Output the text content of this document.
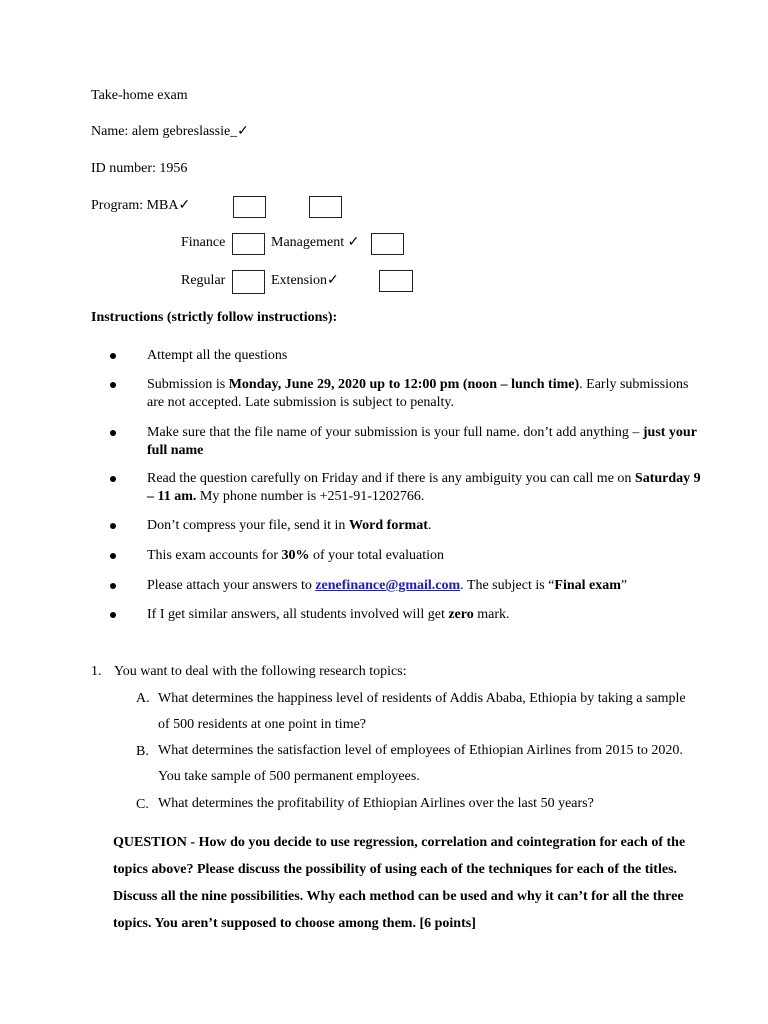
Take-home exam
Name: alem gebreslassie_✓
ID number: 1956
Program: MBA✓
Finance	Management ✓
Regular	Extension✓
Instructions (strictly follow instructions):
Attempt all the questions
Submission is Monday, June 29, 2020 up to 12:00 pm (noon – lunch time). Early submissions are not accepted. Late submission is subject to penalty.
Make sure that the file name of your submission is your full name. don’t add anything – just your full name
Read the question carefully on Friday and if there is any ambiguity you can call me on Saturday 9 – 11 am. My phone number is +251-91-1202766.
Don’t compress your file, send it in Word format.
This exam accounts for 30% of your total evaluation
Please attach your answers to zenefinance@gmail.com. The subject is “Final exam”
If I get similar answers, all students involved will get zero mark.
1. You want to deal with the following research topics:
A. What determines the happiness level of residents of Addis Ababa, Ethiopia by taking a sample of 500 residents at one point in time?
B. What determines the satisfaction level of employees of Ethiopian Airlines from 2015 to 2020. You take sample of 500 permanent employees.
C. What determines the profitability of Ethiopian Airlines over the last 50 years?
QUESTION - How do you decide to use regression, correlation and cointegration for each of the topics above? Please discuss the possibility of using each of the techniques for each of the titles. Discuss all the nine possibilities. Why each method can be used and why it can’t for all the three topics. You aren’t supposed to choose among them. [6 points]
